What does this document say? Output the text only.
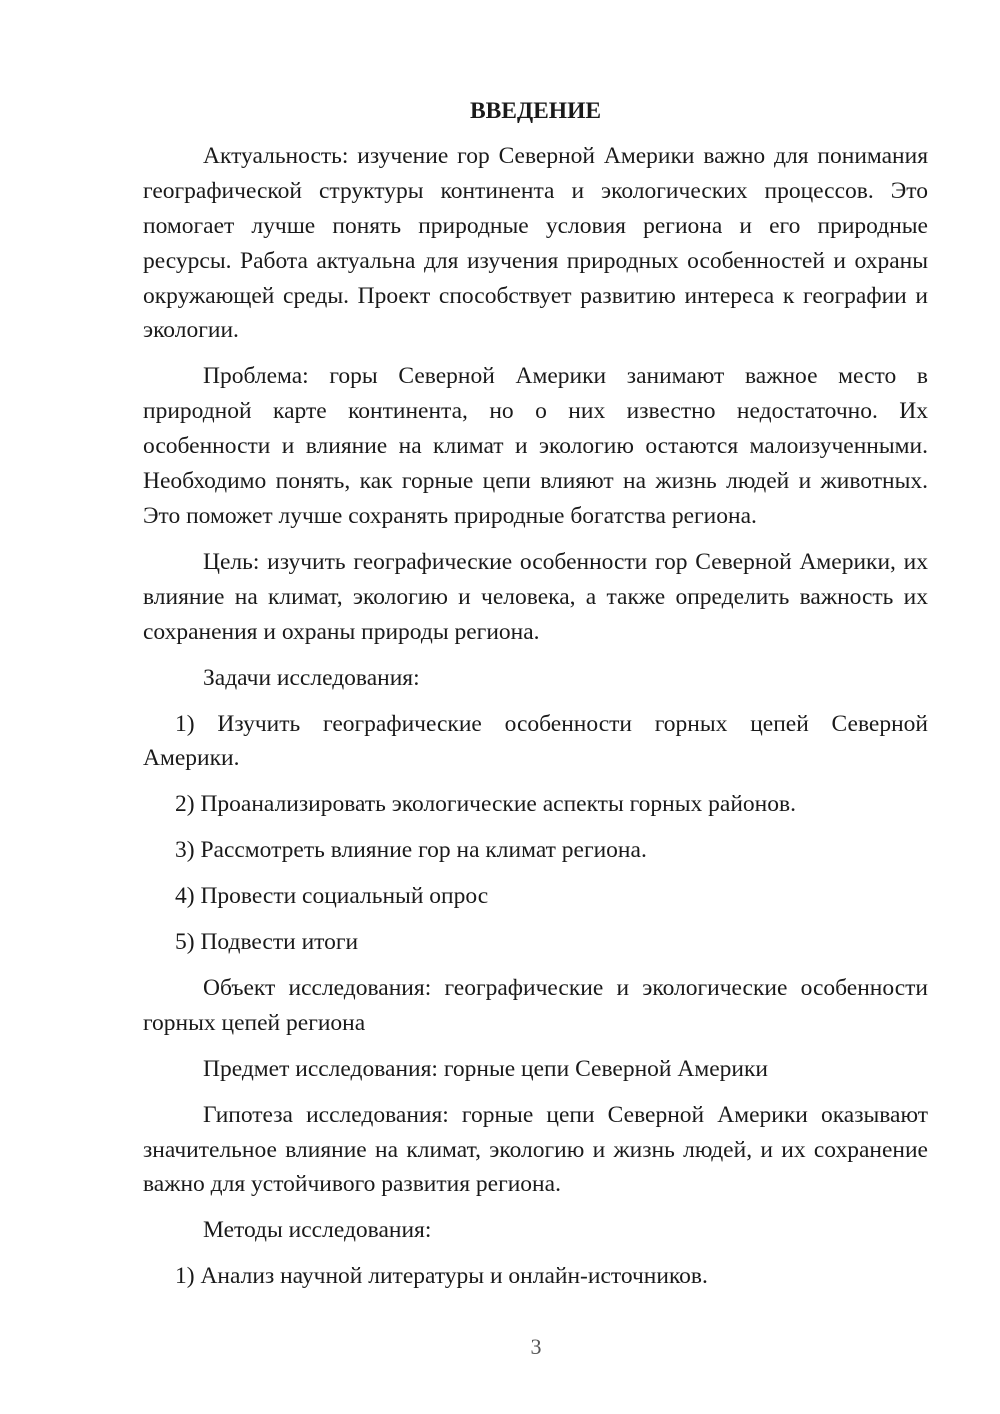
ВВЕДЕНИЕ

Актуальность: изучение гор Северной Америки важно для понимания географической структуры континента и экологических процессов. Это помогает лучше понять природные условия региона и его природные ресурсы. Работа актуальна для изучения природных особенностей и охраны окружающей среды. Проект способствует развитию интереса к географии и экологии.

Проблема: горы Северной Америки занимают важное место в природной карте континента, но о них известно недостаточно. Их особенности и влияние на климат и экологию остаются малоизученными. Необходимо понять, как горные цепи влияют на жизнь людей и животных. Это поможет лучше сохранять природные богатства региона.

Цель: изучить географические особенности гор Северной Америки, их влияние на климат, экологию и человека, а также определить важность их сохранения и охраны природы региона.

Задачи исследования:

1) Изучить географические особенности горных цепей Северной Америки.

2) Проанализировать экологические аспекты горных районов.

3) Рассмотреть влияние гор на климат региона.

4) Провести социальный опрос

5) Подвести итоги

Объект исследования: географические и экологические особенности горных цепей региона

Предмет исследования: горные цепи Северной Америки

Гипотеза исследования: горные цепи Северной Америки оказывают значительное влияние на климат, экологию и жизнь людей, и их сохранение важно для устойчивого развития региона.

Методы исследования:

1) Анализ научной литературы и онлайн-источников.

3
